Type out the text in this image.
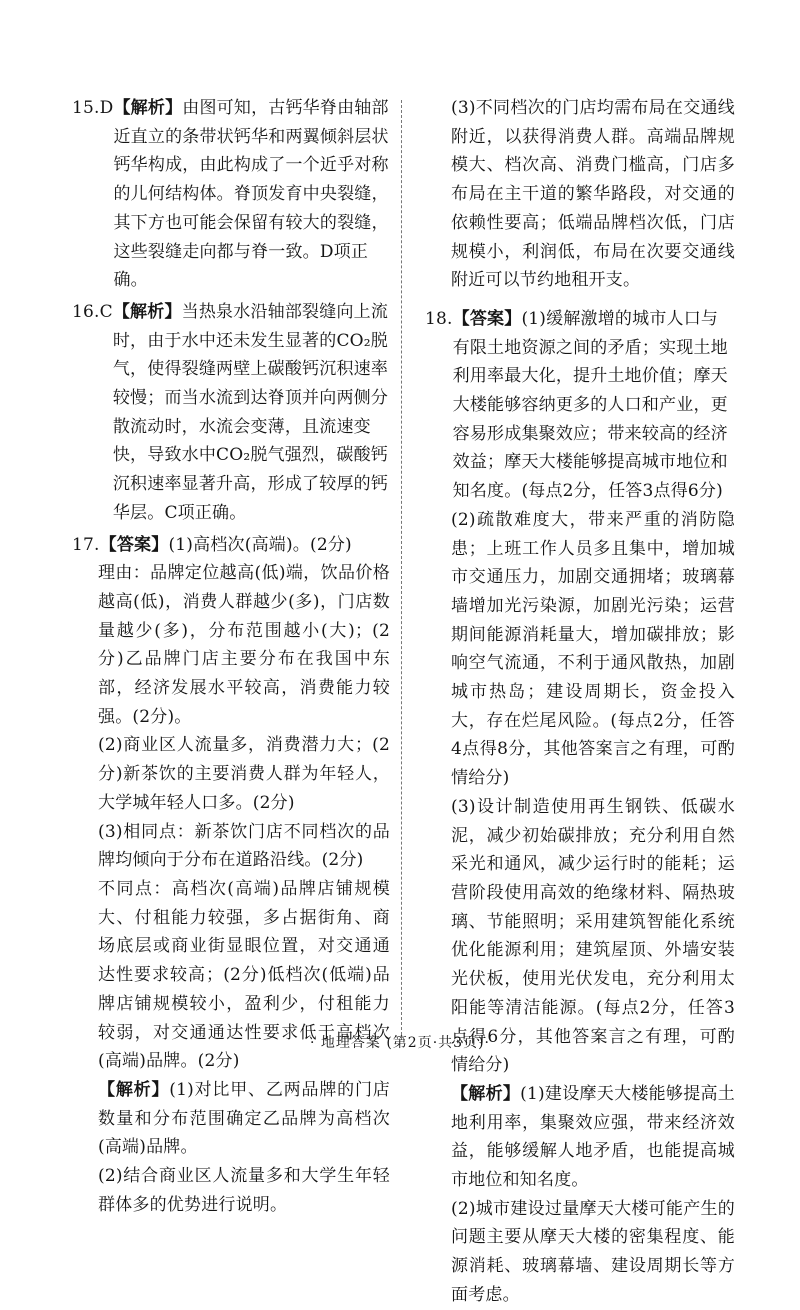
15.D 【解析】由图可知，古钙华脊由轴部近直立的条带状钙华和两翼倾斜层状钙华构成，由此构成了一个近乎对称的儿何结构体。脊顶发育中央裂缝，其下方也可能会保留有较大的裂缝，这些裂缝走向都与脊一致。D项正确。
16.C 【解析】当热泉水沿轴部裂缝向上流时，由于水中还未发生显著的CO₂脱气，使得裂缝两壁上碳酸钙沉积速率较慢；而当水流到达脊顶并向两侧分散流动时，水流会变薄，且流速变快，导致水中CO₂脱气强烈，碳酸钙沉积速率显著升高，形成了较厚的钙华层。C项正确。
17. 【答案】(1)高档次(高端)。(2分)

理由：品牌定位越高(低)端，饮品价格越高(低)，消费人群越少(多)，门店数量越少(多)，分布范围越小(大)；(2分)乙品牌门店主要分布在我国中东部，经济发展水平较高，消费能力较强。(2分)。

(2)商业区人流量多，消费潜力大；(2分)新茶饮的主要消费人群为年轻人，大学城年轻人口多。(2分)

(3)相同点：新茶饮门店不同档次的品牌均倾向于分布在道路沿线。(2分)

不同点：高档次(高端)品牌店铺规模大、付租能力较强，多占据街角、商场底层或商业街显眼位置，对交通通达性要求较高；(2分)低档次(低端)品牌店铺规模较小，盈利少，付租能力较弱，对交通通达性要求低于高档次(高端)品牌。(2分)

【解析】(1)对比甲、乙两品牌的门店数量和分布范围确定乙品牌为高档次(高端)品牌。

(2)结合商业区人流量多和大学生年轻群体多的优势进行说明。

(3)不同档次的门店均需布局在交通线附近，以获得消费人群。高端品牌规模大、档次高、消费门槛高，门店多布局在主干道的繁华路段，对交通的依赖性要高；低端品牌档次低，门店规模小，利润低，布局在次要交通线附近可以节约地租开支。

18. 【答案】(1)缓解激增的城市人口与有限土地资源之间的矛盾；实现土地利用率最大化，提升土地价值；摩天大楼能够容纳更多的人口和产业，更容易形成集聚效应；带来较高的经济效益；摩天大楼能够提高城市地位和知名度。(每点2分，任答3点得6分)

(2)疏散难度大，带来严重的消防隐患；上班工作人员多且集中，增加城市交通压力，加剧交通拥堵；玻璃幕墙增加光污染源，加剧光污染；运营期间能源消耗量大，增加碳排放；影响空气流通，不利于通风散热，加剧城市热岛；建设周期长，资金投入大，存在烂尾风险。(每点2分，任答4点得8分，其他答案言之有理，可酌情给分)

(3)设计制造使用再生钢铁、低碳水泥，减少初始碳排放；充分利用自然采光和通风，减少运行时的能耗；运营阶段使用高效的绝缘材料、隔热玻璃、节能照明；采用建筑智能化系统优化能源利用；建筑屋顶、外墙安装光伏板，使用光伏发电，充分利用太阳能等清洁能源。(每点2分，任答3点得6分，其他答案言之有理，可酌情给分)

【解析】(1)建设摩天大楼能够提高土地利用率，集聚效应强，带来经济效益，能够缓解人地矛盾，也能提高城市地位和知名度。

(2)城市建设过量摩天大楼可能产生的问题主要从摩天大楼的密集程度、能源消耗、玻璃幕墙、建设周期长等方面考虑。

· 地理答案 (第2页·共3页)·
